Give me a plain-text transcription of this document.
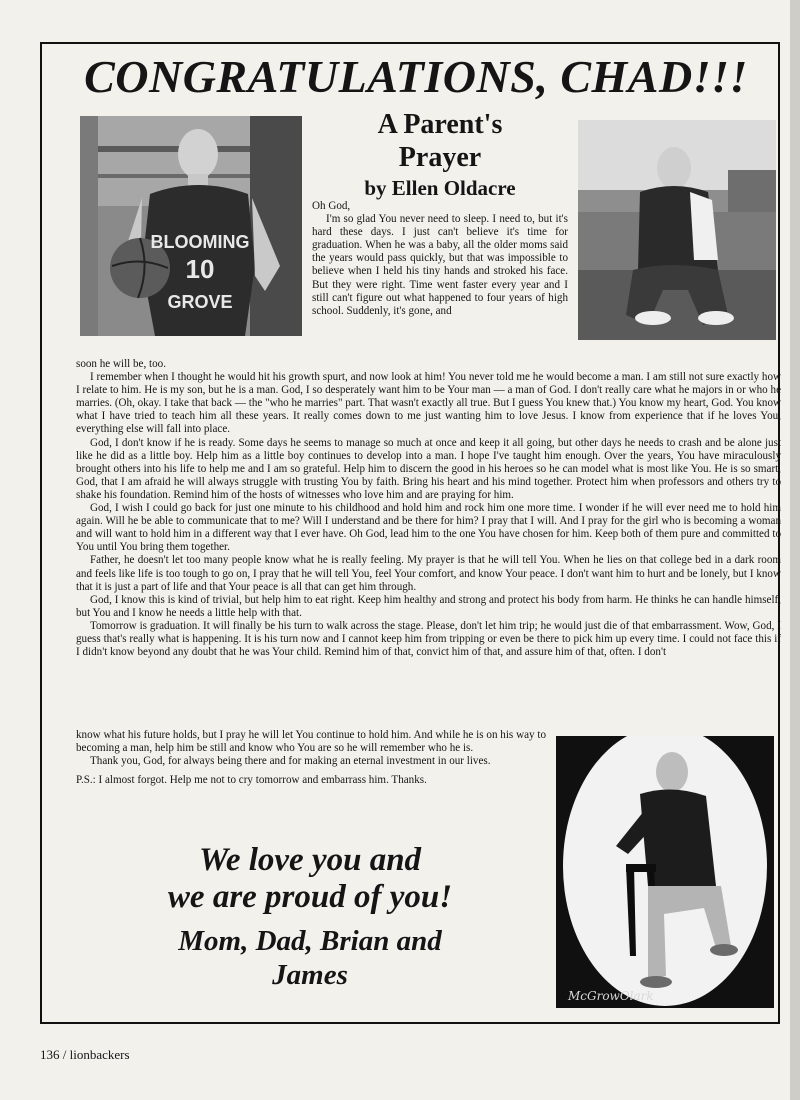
CONGRATULATIONS, CHAD!!!
BLOOMING
10
GROVE
A Parent's
Prayer
by Ellen Oldacre

Oh God,

I'm so glad You never need to sleep. I need to, but it's hard these days. I just can't believe it's time for graduation. When he was a baby, all the older moms said the years would pass quickly, but that was impossible to believe when I held his tiny hands and stroked his face. But they were right. Time went faster every year and I still can't figure out what happened to four years of high school. Suddenly, it's gone, and

soon he will be, too.

I remember when I thought he would hit his growth spurt, and now look at him! You never told me he would become a man. I am still not sure exactly how I relate to him. He is my son, but he is a man. God, I so desperately want him to be Your man — a man of God. I don't really care what he majors in or who he marries. (Oh, okay. I take that back — the "who he marries" part. That wasn't exactly all true. But I guess You knew that.) You know my heart, God. You know what I have tried to teach him all these years. It really comes down to me just wanting him to love Jesus. I know from experience that if he loves You, everything else will fall into place.

God, I don't know if he is ready. Some days he seems to manage so much at once and keep it all going, but other days he needs to crash and be alone just like he did as a little boy. Help him as a little boy continues to develop into a man. I hope I've taught him enough. Over the years, You have miraculously brought others into his life to help me and I am so grateful. Help him to discern the good in his heroes so he can model what is most like You. He is so smart, God, that I am afraid he will always struggle with trusting You by faith. Bring his heart and his mind together. Protect him when professors and others try to shake his foundation. Remind him of the hosts of witnesses who love him and are praying for him.

God, I wish I could go back for just one minute to his childhood and hold him and rock him one more time. I wonder if he will ever need me to hold him again. Will he be able to communicate that to me? Will I understand and be there for him? I pray that I will. And I pray for the girl who is becoming a woman and will want to hold him in a different way that I ever have. Oh God, lead him to the one You have chosen for him. Keep both of them pure and committed to You until You bring them together.

Father, he doesn't let too many people know what he is really feeling. My prayer is that he will tell You. When he lies on that college bed in a dark room and feels like life is too tough to go on, I pray that he will tell You, feel Your comfort, and know Your peace. I don't want him to hurt and be lonely, but I know that it is just a part of life and that Your peace is all that can get him through.

God, I know this is kind of trivial, but help him to eat right. Keep him healthy and strong and protect his body from harm. He thinks he can handle himself, but You and I know he needs a little help with that.

Tomorrow is graduation. It will finally be his turn to walk across the stage. Please, don't let him trip; he would just die of that embarrassment. Wow, God, I guess that's really what is happening. It is his turn now and I cannot keep him from tripping or even be there to pick him up every time. I could not face this if I didn't know beyond any doubt that he was Your child. Remind him of that, convict him of that, and assure him of that, often. I don't

know what his future holds, but I pray he will let You continue to hold him. And while he is on his way to becoming a man, help him be still and know who You are so he will remember who he is.

Thank you, God, for always being there and for making an eternal investment in our lives.

P.S.: I almost forgot. Help me not to cry tomorrow and embarrass him. Thanks.

McGrowOlark
We love you and
we are proud of you!
Mom, Dad, Brian and
James
136 / lionbackers
